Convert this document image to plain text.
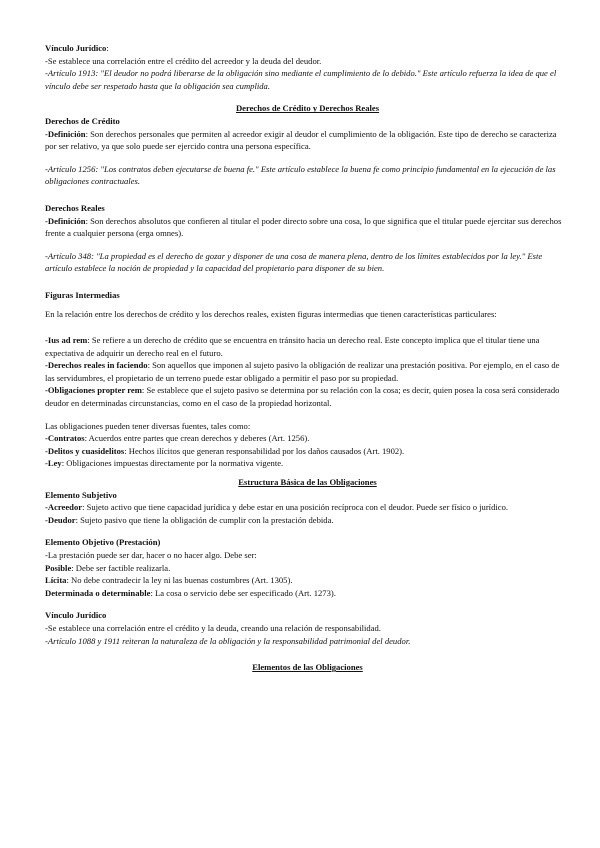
Vínculo Jurídico:

-Se establece una correlación entre el crédito del acreedor y la deuda del deudor.

-Artículo 1913: "El deudor no podrá liberarse de la obligación sino mediante el cumplimiento de lo debido." Este artículo refuerza la idea de que el vínculo debe ser respetado hasta que la obligación sea cumplida.

Derechos de Crédito y Derechos Reales

Derechos de Crédito

-Definición: Son derechos personales que permiten al acreedor exigir al deudor el cumplimiento de la obligación. Este tipo de derecho se caracteriza por ser relativo, ya que solo puede ser ejercido contra una persona específica.

-Artículo 1256: "Los contratos deben ejecutarse de buena fe." Este artículo establece la buena fe como principio fundamental en la ejecución de las obligaciones contractuales.

Derechos Reales

-Definición: Son derechos absolutos que confieren al titular el poder directo sobre una cosa, lo que significa que el titular puede ejercitar sus derechos frente a cualquier persona (erga omnes).

-Artículo 348: "La propiedad es el derecho de gozar y disponer de una cosa de manera plena, dentro de los límites establecidos por la ley." Este artículo establece la noción de propiedad y la capacidad del propietario para disponer de su bien.

Figuras Intermedias

En la relación entre los derechos de crédito y los derechos reales, existen figuras intermedias que tienen características particulares:

-Ius ad rem: Se refiere a un derecho de crédito que se encuentra en tránsito hacia un derecho real. Este concepto implica que el titular tiene una expectativa de adquirir un derecho real en el futuro.

-Derechos reales in faciendo: Son aquellos que imponen al sujeto pasivo la obligación de realizar una prestación positiva. Por ejemplo, en el caso de las servidumbres, el propietario de un terreno puede estar obligado a permitir el paso por su propiedad.

-Obligaciones propter rem: Se establece que el sujeto pasivo se determina por su relación con la cosa; es decir, quien posea la cosa será considerado deudor en determinadas circunstancias, como en el caso de la propiedad horizontal.

Las obligaciones pueden tener diversas fuentes, tales como:

-Contratos: Acuerdos entre partes que crean derechos y deberes (Art. 1256).

-Delitos y cuasidelitos: Hechos ilícitos que generan responsabilidad por los daños causados (Art. 1902).

-Ley: Obligaciones impuestas directamente por la normativa vigente.

Estructura Básica de las Obligaciones

Elemento Subjetivo

-Acreedor: Sujeto activo que tiene capacidad jurídica y debe estar en una posición recíproca con el deudor. Puede ser físico o jurídico.

-Deudor: Sujeto pasivo que tiene la obligación de cumplir con la prestación debida.

Elemento Objetivo (Prestación)

-La prestación puede ser dar, hacer o no hacer algo. Debe ser:

Posible: Debe ser factible realizarla.

Lícita: No debe contradecir la ley ni las buenas costumbres (Art. 1305).

Determinada o determinable: La cosa o servicio debe ser especificado (Art. 1273).

Vínculo Jurídico

-Se establece una correlación entre el crédito y la deuda, creando una relación de responsabilidad.

-Artículo 1088 y 1911 reiteran la naturaleza de la obligación y la responsabilidad patrimonial del deudor.

Elementos de las Obligaciones
